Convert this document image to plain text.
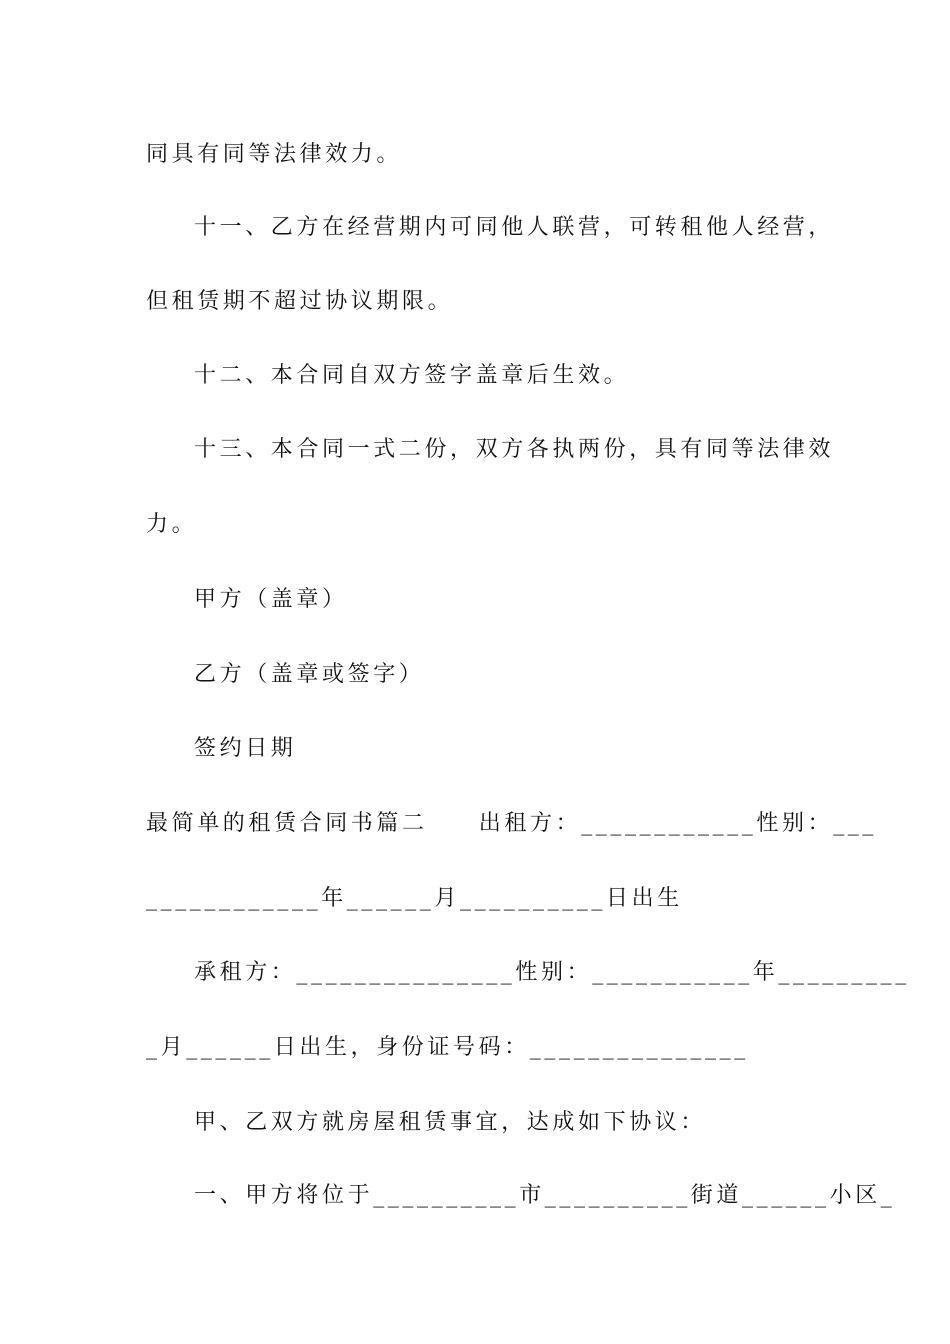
同具有同等法律效力。
十一、乙方在经营期内可同他人联营，可转租他人经营，
但租赁期不超过协议期限。
十二、本合同自双方签字盖章后生效。
十三、本合同一式二份，双方各执两份，具有同等法律效
力。
甲方（盖章）
乙方（盖章或签字）
签约日期
最简单的租赁合同书篇二　　出租方：____________性别：___
____________年______月__________日出生
承租方：_______________性别：___________年_________
_月______日出生，身份证号码：_______________
甲、乙双方就房屋租赁事宜，达成如下协议：
一、甲方将位于__________市__________街道______小区_
